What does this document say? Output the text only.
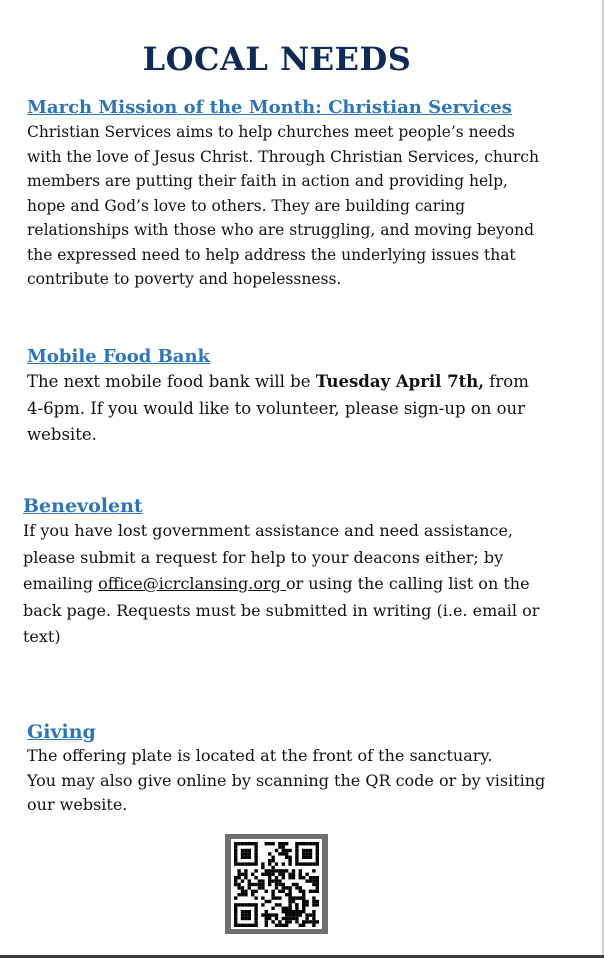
LOCAL NEEDS
March Mission of the Month: Christian Services
Christian Services aims to help churches meet people’s needs
with the love of Jesus Christ. Through Christian Services, church
members are putting their faith in action and providing help,
hope and God’s love to others. They are building caring
relationships with those who are struggling, and moving beyond
the expressed need to help address the underlying issues that
contribute to poverty and hopelessness.
Mobile Food Bank
The next mobile food bank will be Tuesday April 7th, from
4-6pm. If you would like to volunteer, please sign-up on our
website.
Benevolent
If you have lost government assistance and need assistance,
please submit a request for help to your deacons either; by
emailing office@icrclansing.org or using the calling list on the
back page. Requests must be submitted in writing (i.e. email or
text)
Giving
The offering plate is located at the front of the sanctuary.
You may also give online by scanning the QR code or by visiting
our website.
